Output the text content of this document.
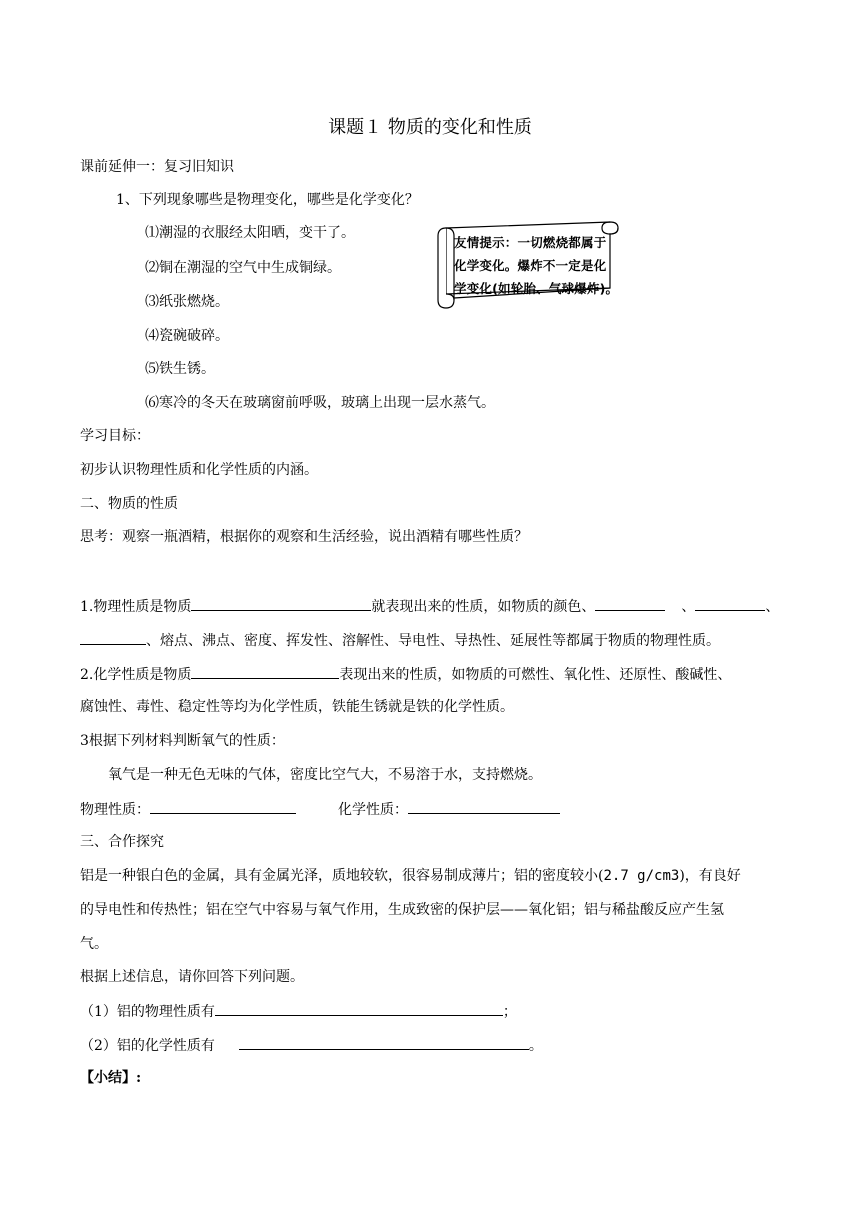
课题１ 物质的变化和性质
课前延伸一：复习旧知识
1、下列现象哪些是物理变化，哪些是化学变化？
⑴潮湿的衣服经太阳晒，变干了。
⑵铜在潮湿的空气中生成铜绿。
⑶纸张燃烧。
⑷瓷碗破碎。
⑸铁生锈。
⑹寒冷的冬天在玻璃窗前呼吸，玻璃上出现一层水蒸气。
友情提示：一切燃烧都属于
化学变化。爆炸不一定是化
学变化(如轮胎、气球爆炸)。
学习目标：
初步认识物理性质和化学性质的内涵。
二、物质的性质
思考：观察一瓶酒精，根据你的观察和生活经验，说出酒精有哪些性质？
1.物理性质是物质	就表现出来的性质，如物质的颜色、	、	、
、熔点、沸点、密度、挥发性、溶解性、导电性、导热性、延展性等都属于物质的物理性质。
2.化学性质是物质	表现出来的性质，如物质的可燃性、氧化性、还原性、酸碱性、
腐蚀性、毒性、稳定性等均为化学性质，铁能生锈就是铁的化学性质。
3根据下列材料判断氧气的性质：
氧气是一种无色无味的气体，密度比空气大，不易溶于水，支持燃烧。
物理性质：	化学性质：
三、合作探究
铝是一种银白色的金属，具有金属光泽，质地较软，很容易制成薄片；铝的密度较小(2.7 g/cm3)，有良好
的导电性和传热性；铝在空气中容易与氧气作用，生成致密的保护层——氧化铝；铝与稀盐酸反应产生氢
气。
根据上述信息，请你回答下列问题。
（1）铝的物理性质有	；
（2）铝的化学性质有	。
【小结】:
